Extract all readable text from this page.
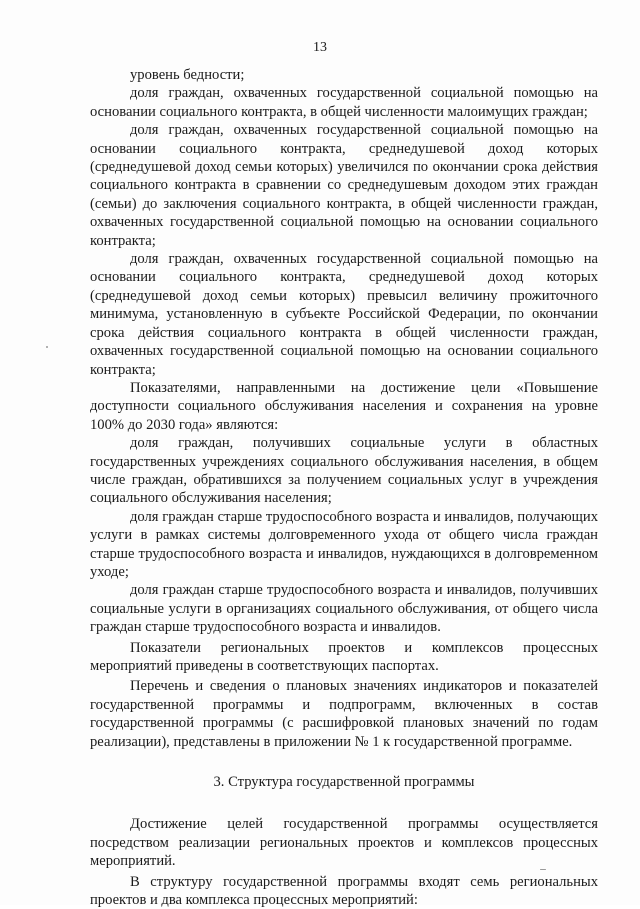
13

уровень бедности;

доля граждан, охваченных государственной социальной помощью на основании социального контракта, в общей численности малоимущих граждан;

доля граждан, охваченных государственной социальной помощью на основании социального контракта, среднедушевой доход которых (среднедушевой доход семьи которых) увеличился по окончании срока действия социального контракта в сравнении со среднедушевым доходом этих граждан (семьи) до заключения социального контракта, в общей численности граждан, охваченных государственной социальной помощью на основании социального контракта;

доля граждан, охваченных государственной социальной помощью на основании социального контракта, среднедушевой доход которых (среднедушевой доход семьи которых) превысил величину прожиточного минимума, установленную в субъекте Российской Федерации, по окончании срока действия социального контракта в общей численности граждан, охваченных государственной социальной помощью на основании социального контракта;

Показателями, направленными на достижение цели «Повышение доступности социального обслуживания населения и сохранения на уровне 100% до 2030 года» являются:

доля граждан, получивших социальные услуги в областных государственных учреждениях социального обслуживания населения, в общем числе граждан, обратившихся за получением социальных услуг в учреждения социального обслуживания населения;

доля граждан старше трудоспособного возраста и инвалидов, получающих услуги в рамках системы долговременного ухода от общего числа граждан старше трудоспособного возраста и инвалидов, нуждающихся в долговременном уходе;

доля граждан старше трудоспособного возраста и инвалидов, получивших социальные услуги в организациях социального обслуживания, от общего числа граждан старше трудоспособного возраста и инвалидов.

Показатели региональных проектов и комплексов процессных мероприятий приведены в соответствующих паспортах.

Перечень и сведения о плановых значениях индикаторов и показателей государственной программы и подпрограмм, включенных в состав государственной программы (с расшифровкой плановых значений по годам реализации), представлены в приложении № 1 к государственной программе.

3. Структура государственной программы

Достижение целей государственной программы осуществляется посредством реализации региональных проектов и комплексов процессных мероприятий.

В структуру государственной программы входят семь региональных проектов и два комплекса процессных мероприятий:
